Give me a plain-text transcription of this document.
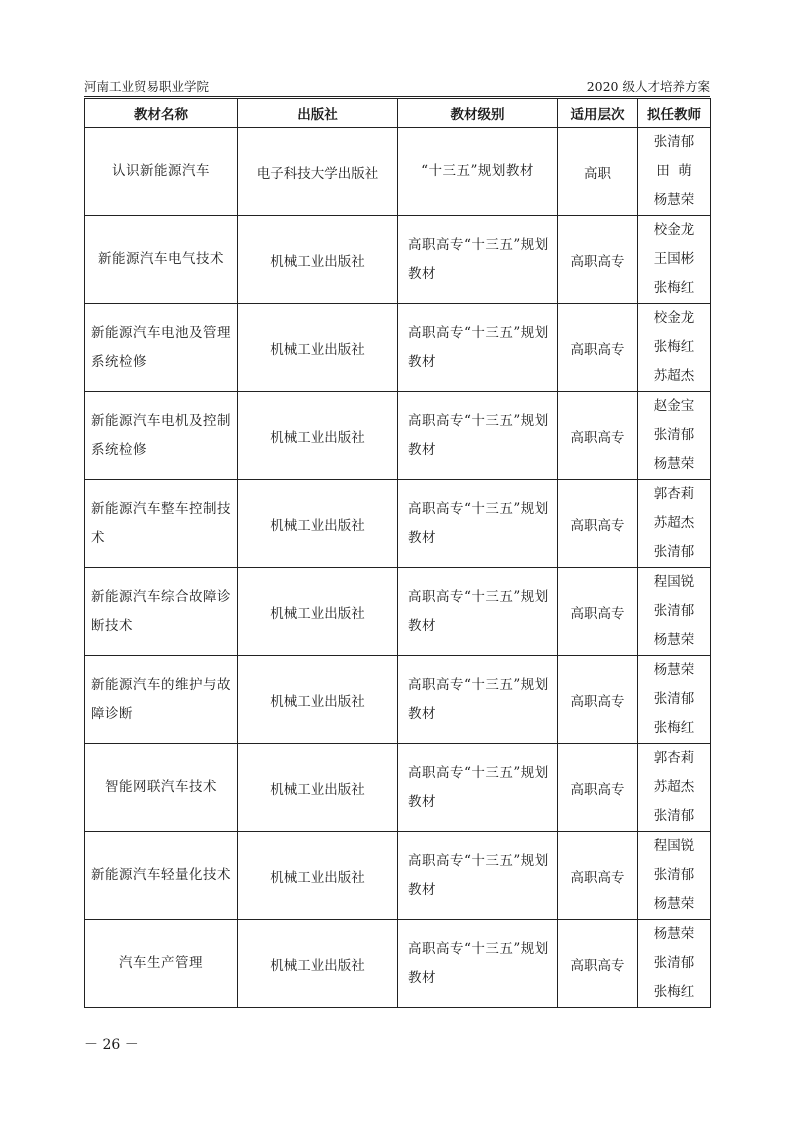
河南工业贸易职业学院	2020 级人才培养方案
教材名称	出版社	教材级别	适用层次	拟任教师
认识新能源汽车	电子科技大学出版社	“十三五”规划教材	高职	张清郁
田  萌
杨慧荣

新能源汽车电气技术	机械工业出版社	高职高专“十三五”规划教材	高职高专	校金龙
王国彬
张梅红

新能源汽车电池及管理系统检修	机械工业出版社	高职高专“十三五”规划教材	高职高专	校金龙
张梅红
苏超杰

新能源汽车电机及控制系统检修	机械工业出版社	高职高专“十三五”规划教材	高职高专	赵金宝
张清郁
杨慧荣

新能源汽车整车控制技术	机械工业出版社	高职高专“十三五”规划教材	高职高专	郭杏莉
苏超杰
张清郁

新能源汽车综合故障诊断技术	机械工业出版社	高职高专“十三五”规划教材	高职高专	程国锐
张清郁
杨慧荣

新能源汽车的维护与故障诊断	机械工业出版社	高职高专“十三五”规划教材	高职高专	杨慧荣
张清郁
张梅红

智能网联汽车技术	机械工业出版社	高职高专“十三五”规划教材	高职高专	郭杏莉
苏超杰
张清郁

新能源汽车轻量化技术	机械工业出版社	高职高专“十三五”规划教材	高职高专	程国锐
张清郁
杨慧荣

汽车生产管理	机械工业出版社	高职高专“十三五”规划教材	高职高专	杨慧荣
张清郁
张梅红
－ 26 －
